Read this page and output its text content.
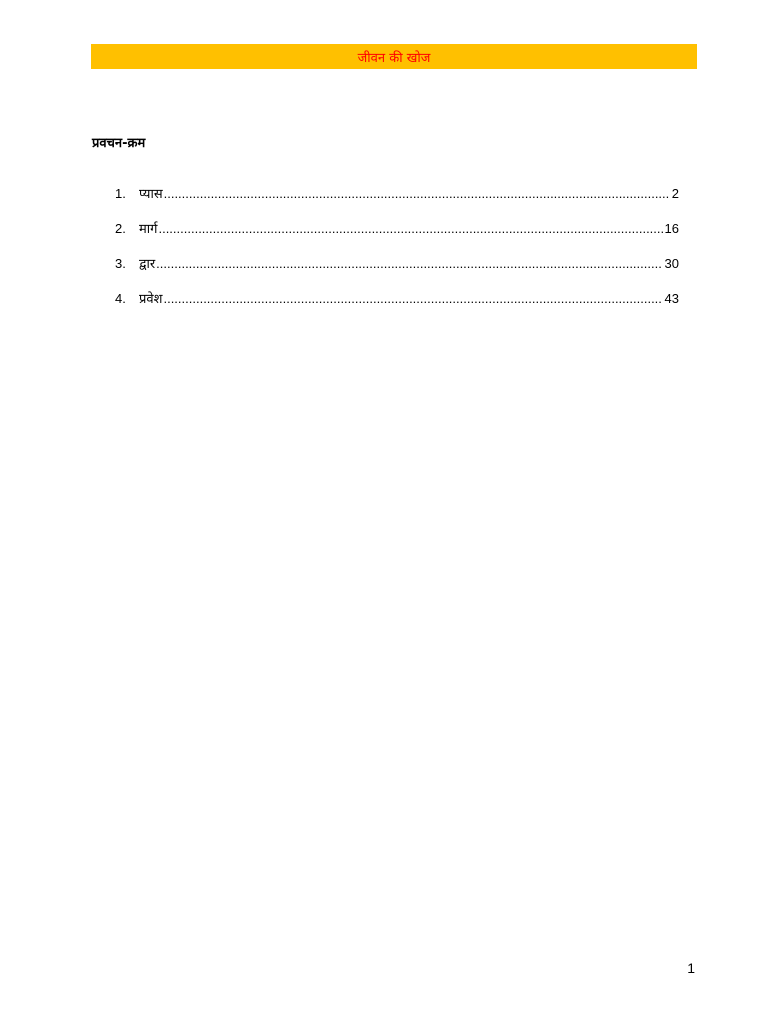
जीवन की खोज
प्रवचन-क्रम
1.	प्यास .....	2
2.	मार्ग .....	16
3.	द्वार .....	30
4.	प्रवेश .....	43
1
